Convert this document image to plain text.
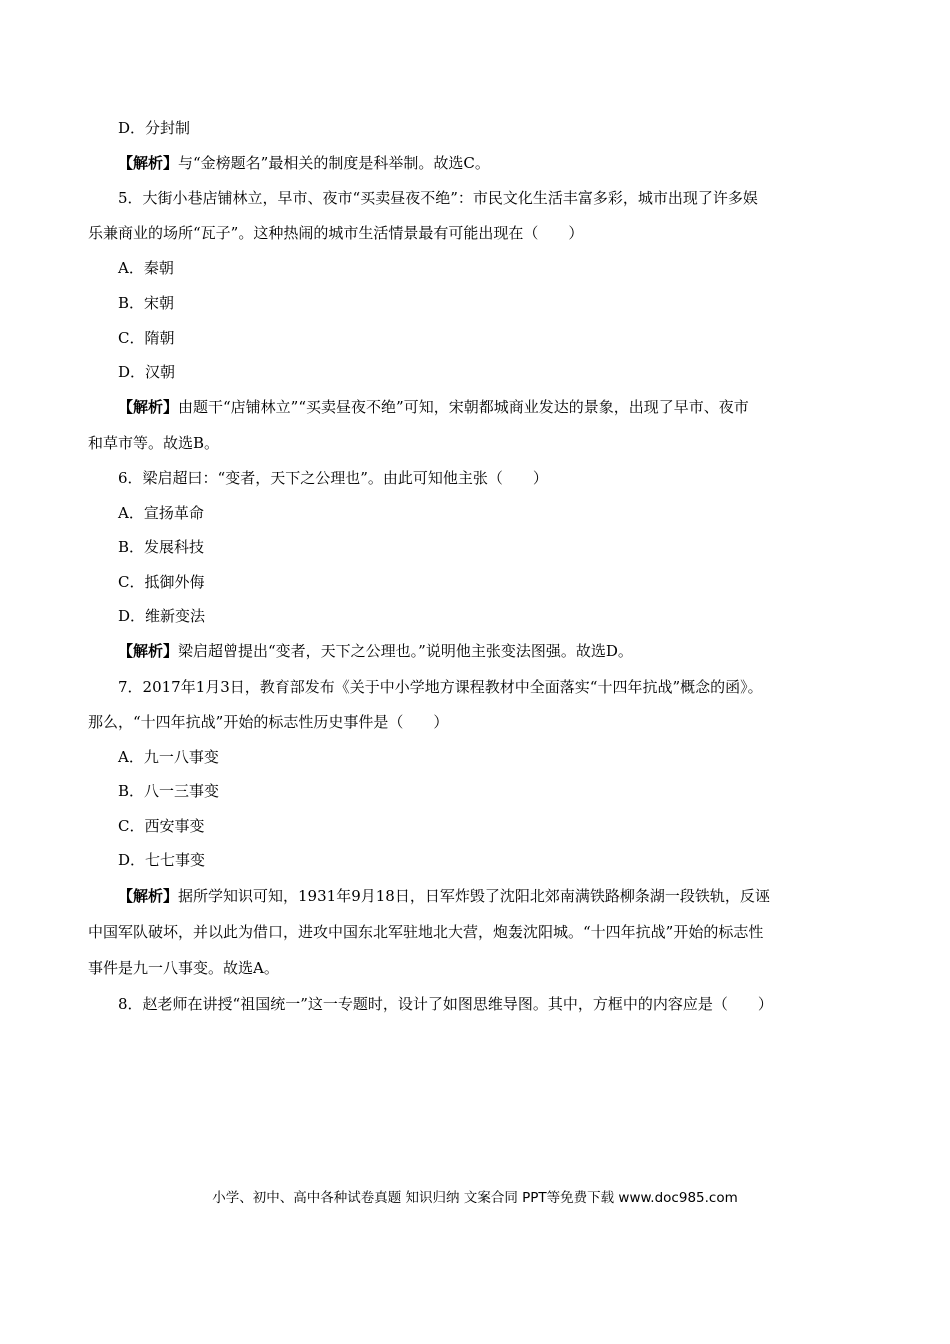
D．分封制
【解析】与“金榜题名”最相关的制度是科举制。故选C。
5．大街小巷店铺林立，早市、夜市“买卖昼夜不绝”：市民文化生活丰富多彩，城市出现了许多娱
乐兼商业的场所“瓦子”。这种热闹的城市生活情景最有可能出现在（　　）
A．秦朝
B．宋朝
C．隋朝
D．汉朝
【解析】由题干“店铺林立”“买卖昼夜不绝”可知，宋朝都城商业发达的景象，出现了早市、夜市
和草市等。故选B。
6．梁启超曰：“变者，天下之公理也”。由此可知他主张（　　）
A．宣扬革命
B．发展科技
C．抵御外侮
D．维新变法
【解析】梁启超曾提出“变者，天下之公理也。”说明他主张变法图强。故选D。
7．2017年1月3日，教育部发布《关于中小学地方课程教材中全面落实“十四年抗战”概念的函》。
那么，“十四年抗战”开始的标志性历史事件是（　　）
A．九一八事变
B．八一三事变
C．西安事变
D．七七事变
【解析】据所学知识可知，1931年9月18日，日军炸毁了沈阳北郊南满铁路柳条湖一段铁轨，反诬
中国军队破坏，并以此为借口，进攻中国东北军驻地北大营，炮轰沈阳城。“十四年抗战”开始的标志性
事件是九一八事变。故选A。
8．赵老师在讲授“祖国统一”这一专题时，设计了如图思维导图。其中，方框中的内容应是（　　）
小学、初中、高中各种试卷真题 知识归纳 文案合同 PPT等免费下载 www.doc985.com
